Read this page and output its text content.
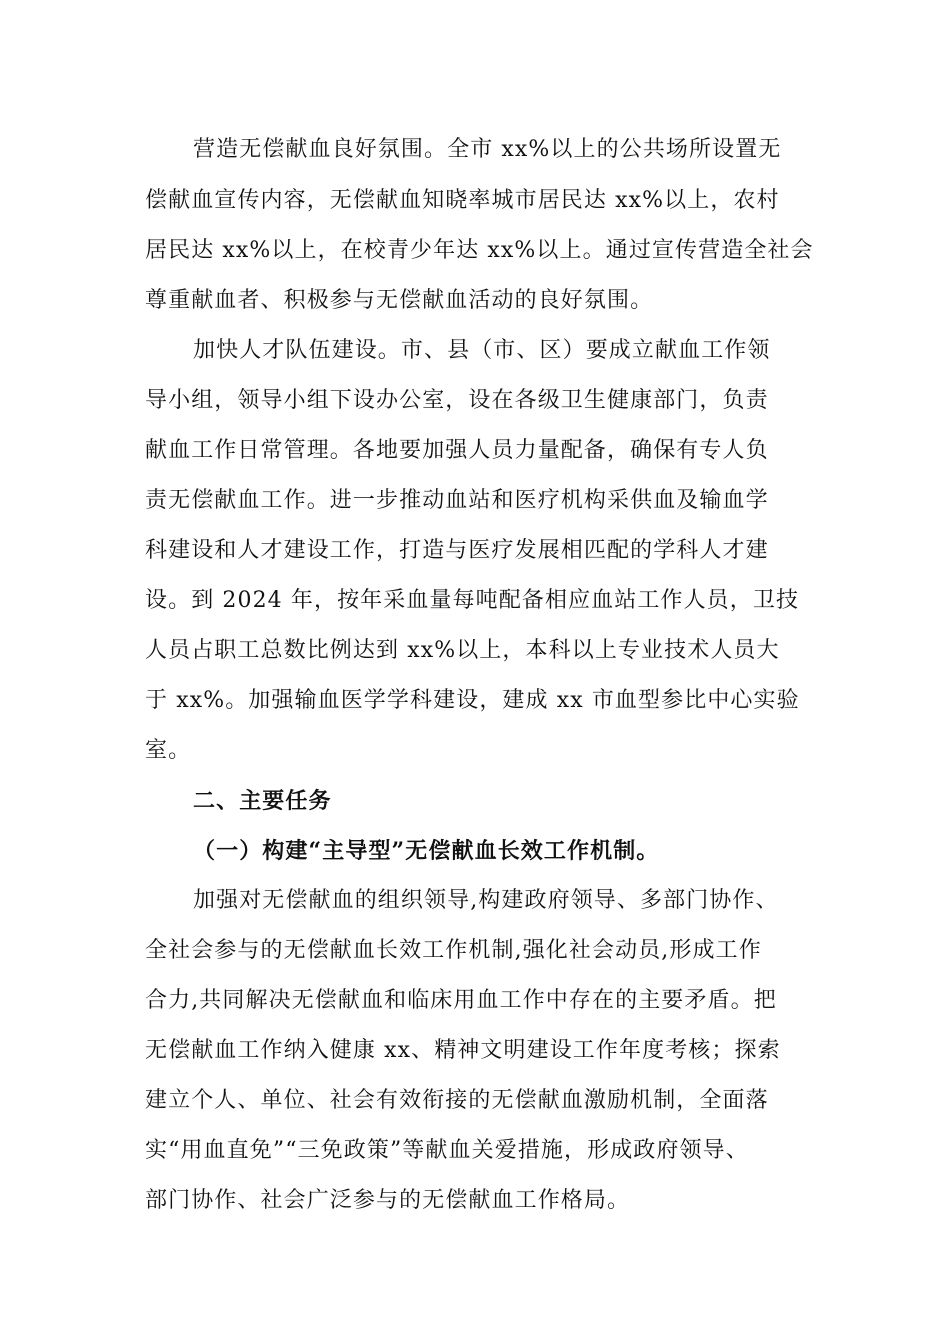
营造无偿献血良好氛围。全市 xx%以上的公共场所设置无

偿献血宣传内容，无偿献血知晓率城市居民达 xx%以上，农村

居民达 xx%以上，在校青少年达 xx%以上。通过宣传营造全社会

尊重献血者、积极参与无偿献血活动的良好氛围。

加快人才队伍建设。市、县（市、区）要成立献血工作领

导小组，领导小组下设办公室，设在各级卫生健康部门，负责

献血工作日常管理。各地要加强人员力量配备，确保有专人负

责无偿献血工作。进一步推动血站和医疗机构采供血及输血学

科建设和人才建设工作，打造与医疗发展相匹配的学科人才建

设。到 2024 年，按年采血量每吨配备相应血站工作人员，卫技

人员占职工总数比例达到 xx%以上，本科以上专业技术人员大

于 xx%。加强输血医学学科建设，建成 xx 市血型参比中心实验

室。

二、主要任务

（一）构建“主导型”无偿献血长效工作机制。

加强对无偿献血的组织领导,构建政府领导、多部门协作、

全社会参与的无偿献血长效工作机制,强化社会动员,形成工作

合力,共同解决无偿献血和临床用血工作中存在的主要矛盾。把

无偿献血工作纳入健康 xx、精神文明建设工作年度考核；探索

建立个人、单位、社会有效衔接的无偿献血激励机制，全面落

实“用血直免”“三免政策”等献血关爱措施，形成政府领导、

部门协作、社会广泛参与的无偿献血工作格局。
